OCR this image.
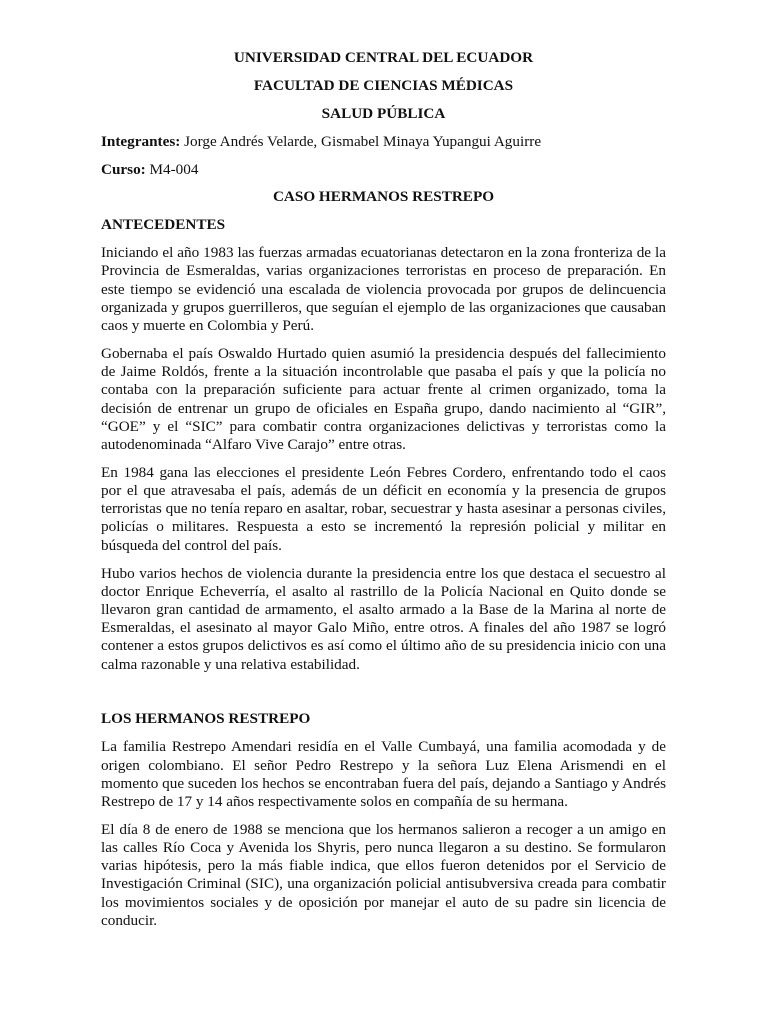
UNIVERSIDAD CENTRAL DEL ECUADOR

FACULTAD DE CIENCIAS MÉDICAS

SALUD PÚBLICA

Integrantes: Jorge Andrés Velarde, Gismabel Minaya Yupangui Aguirre

Curso: M4-004

CASO HERMANOS RESTREPO

ANTECEDENTES

Iniciando el año 1983 las fuerzas armadas ecuatorianas detectaron en la zona fronteriza de la Provincia de Esmeraldas, varias organizaciones terroristas en proceso de preparación. En este tiempo se evidenció una escalada de violencia provocada por grupos de delincuencia organizada y grupos guerrilleros, que seguían el ejemplo de las organizaciones que causaban caos y muerte en Colombia y Perú.

Gobernaba el país Oswaldo Hurtado quien asumió la presidencia después del fallecimiento de Jaime Roldós, frente a la situación incontrolable que pasaba el país y que la policía no contaba con la preparación suficiente para actuar frente al crimen organizado, toma la decisión de entrenar un grupo de oficiales en España grupo, dando nacimiento al “GIR”, “GOE” y el “SIC” para combatir contra organizaciones delictivas y terroristas como la autodenominada “Alfaro Vive Carajo” entre otras.

En 1984 gana las elecciones el presidente León Febres Cordero, enfrentando todo el caos por el que atravesaba el país, además de un déficit en economía y la presencia de grupos terroristas que no tenía reparo en asaltar, robar, secuestrar y hasta asesinar a personas civiles, policías o militares. Respuesta a esto se incrementó la represión policial y militar en búsqueda del control del país.

Hubo varios hechos de violencia durante la presidencia entre los que destaca el secuestro al doctor Enrique Echeverría, el asalto al rastrillo de la Policía Nacional en Quito donde se llevaron gran cantidad de armamento, el asalto armado a la Base de la Marina al norte de Esmeraldas, el asesinato al mayor Galo Miño, entre otros. A finales del año 1987 se logró contener a estos grupos delictivos es así como el último año de su presidencia inicio con una calma razonable y una relativa estabilidad.

LOS HERMANOS RESTREPO

La familia Restrepo Amendari residía en el Valle Cumbayá, una familia acomodada y de origen colombiano. El señor Pedro Restrepo y la señora Luz Elena Arismendi en el momento que suceden los hechos se encontraban fuera del país, dejando a Santiago y Andrés Restrepo de 17 y 14 años respectivamente solos en compañía de su hermana.

El día 8 de enero de 1988 se menciona que los hermanos salieron a recoger a un amigo en las calles Río Coca y Avenida los Shyris, pero nunca llegaron a su destino. Se formularon varias hipótesis, pero la más fiable indica, que ellos fueron detenidos por el Servicio de Investigación Criminal (SIC), una organización policial antisubversiva creada para combatir los movimientos sociales y de oposición por manejar el auto de su padre sin licencia de conducir.
